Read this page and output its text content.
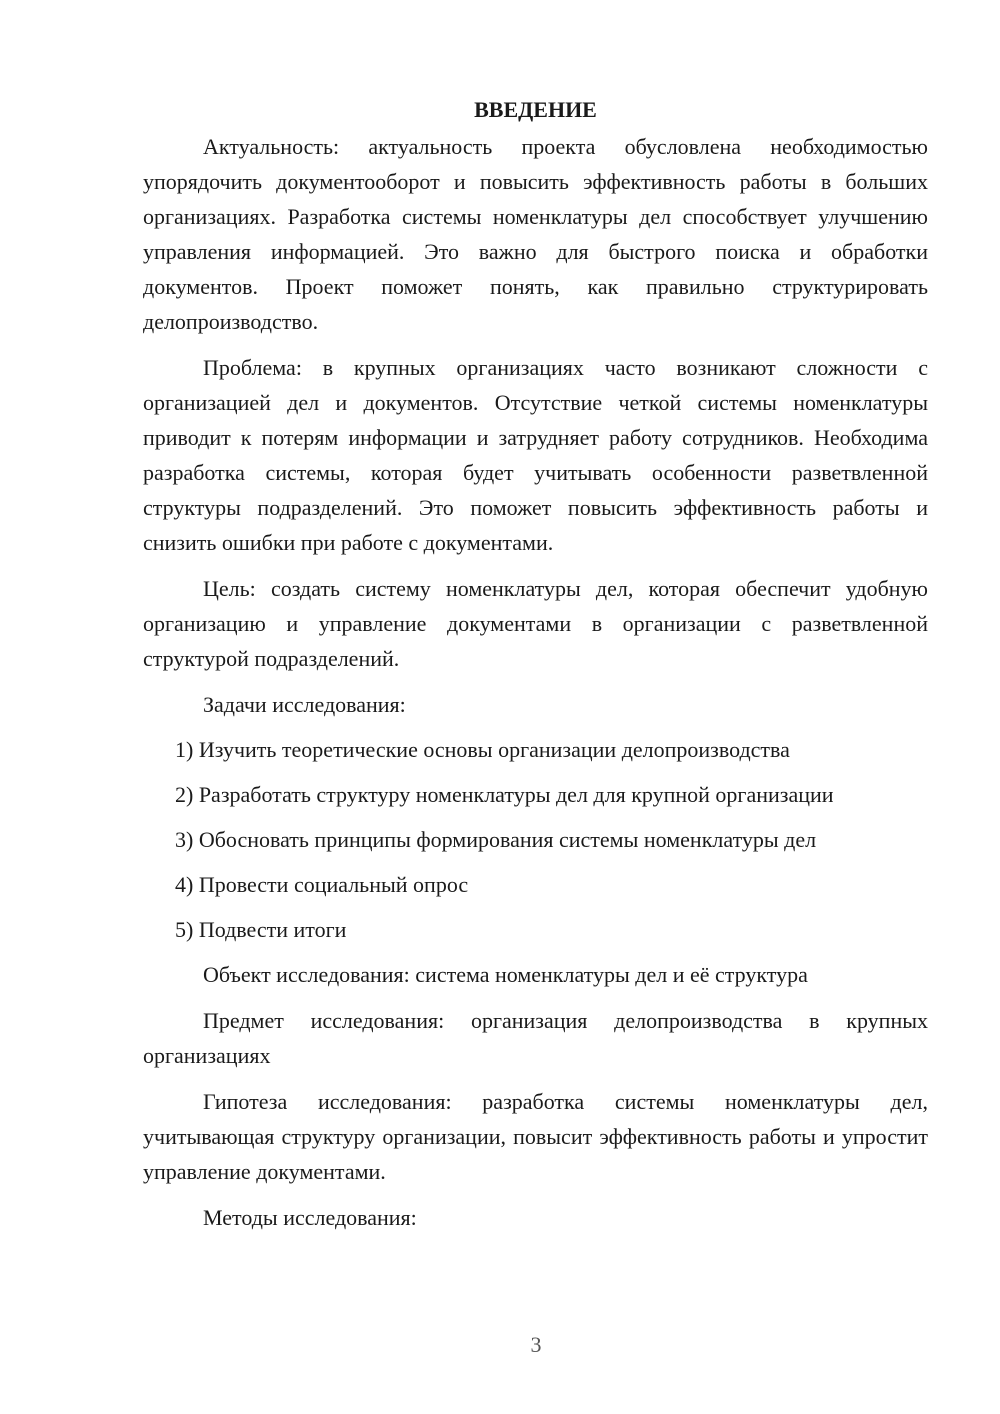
ВВЕДЕНИЕ

Актуальность: актуальность проекта обусловлена необходимостью упорядочить документооборот и повысить эффективность работы в больших организациях. Разработка системы номенклатуры дел способствует улучшению управления информацией. Это важно для быстрого поиска и обработки документов. Проект поможет понять, как правильно структурировать делопроизводство.

Проблема: в крупных организациях часто возникают сложности с организацией дел и документов. Отсутствие четкой системы номенклатуры приводит к потерям информации и затрудняет работу сотрудников. Необходима разработка системы, которая будет учитывать особенности разветвленной структуры подразделений. Это поможет повысить эффективность работы и снизить ошибки при работе с документами.

Цель: создать систему номенклатуры дел, которая обеспечит удобную организацию и управление документами в организации с разветвленной структурой подразделений.

Задачи исследования:

1) Изучить теоретические основы организации делопроизводства
2) Разработать структуру номенклатуры дел для крупной организации
3) Обосновать принципы формирования системы номенклатуры дел
4) Провести социальный опрос
5) Подвести итоги

Объект исследования: система номенклатуры дел и её структура

Предмет исследования: организация делопроизводства в крупных организациях

Гипотеза исследования: разработка системы номенклатуры дел, учитывающая структуру организации, повысит эффективность работы и упростит управление документами.

Методы исследования:

3
